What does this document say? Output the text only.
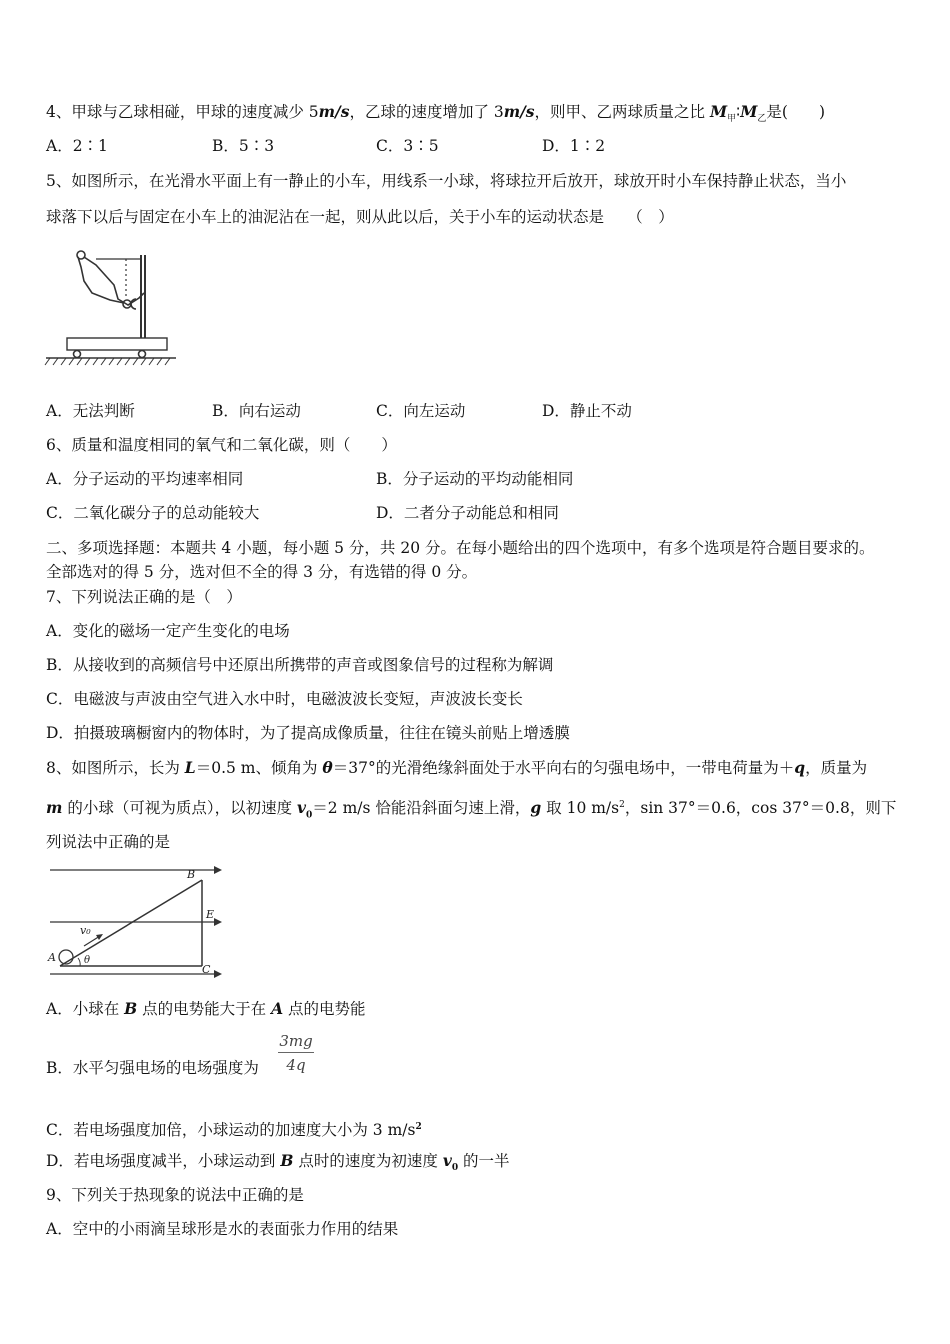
4、甲球与乙球相碰，甲球的速度减少 5m/s，乙球的速度增加了 3m/s，则甲、乙两球质量之比 $M_甲∶M_乙$是(　　)
A．2∶1	B．5∶3	C．3∶5	D．1∶2
5、如图所示，在光滑水平面上有一静止的小车，用线系一小球，将球拉开后放开，球放开时小车保持静止状态，当小
球落下以后与固定在小车上的油泥沾在一起，则从此以后，关于小车的运动状态是　　（　）
A．无法判断	B．向右运动	C．向左运动	D．静止不动
6、质量和温度相同的氧气和二氧化碳，则（　　）
A．分子运动的平均速率相同	B．分子运动的平均动能相同
C．二氧化碳分子的总动能较大	D．二者分子动能总和相同
二、多项选择题：本题共 4 小题，每小题 5 分，共 20 分。在每小题给出的四个选项中，有多个选项是符合题目要求的。
全部选对的得 5 分，选对但不全的得 3 分，有选错的得 0 分。
7、下列说法正确的是（　）
A．变化的磁场一定产生变化的电场
B．从接收到的高频信号中还原出所携带的声音或图象信号的过程称为解调
C．电磁波与声波由空气进入水中时，电磁波波长变短，声波波长变长
D．拍摄玻璃橱窗内的物体时，为了提高成像质量，往往在镜头前贴上增透膜
8、如图所示，长为 L＝0.5 m、倾角为 θ＝37°的光滑绝缘斜面处于水平向右的匀强电场中，一带电荷量为＋q，质量为
m 的小球（可视为质点），以初速度 $v_0=2$ m/s 恰能沿斜面匀速上滑，g 取 10 $m/s^2$，sin 37°＝0.6，cos 37°＝0.8，则下
列说法中正确的是
B
E
C
A
v₀
θ
A．小球在 B 点的电势能大于在 A 点的电势能
B．水平匀强电场的电场强度为 $\frac{3mg}{4q}$
C．若电场强度加倍，小球运动的加速度大小为 3 $m/s^2$
D．若电场强度减半，小球运动到 B 点时的速度为初速度 $v_0$ 的一半
9、下列关于热现象的说法中正确的是
A．空中的小雨滴呈球形是水的表面张力作用的结果
